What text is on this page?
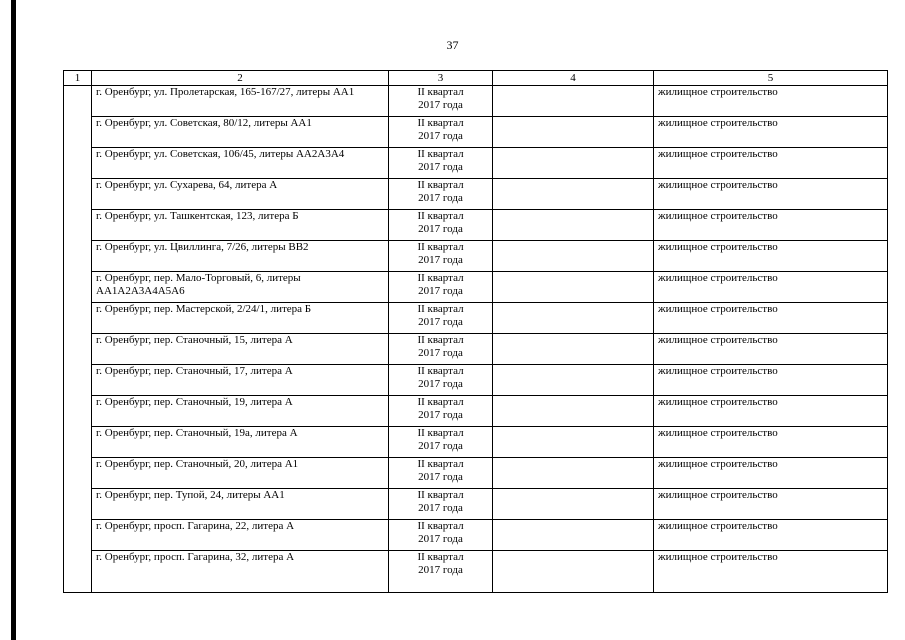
37
1	2	3	4	5
	г. Оренбург, ул. Пролетарская, 165-167/27, литеры АА1	II квартал
2017 года		жилищное строительство
	г. Оренбург, ул. Советская, 80/12, литеры АА1	II квартал
2017 года		жилищное строительство
	г. Оренбург, ул. Советская, 106/45, литеры АА2А3А4	II квартал
2017 года		жилищное строительство
	г. Оренбург, ул. Сухарева, 64, литера А	II квартал
2017 года		жилищное строительство
	г. Оренбург, ул. Ташкентская, 123, литера Б	II квартал
2017 года		жилищное строительство
	г. Оренбург, ул. Цвиллинга, 7/26, литеры ВВ2	II квартал
2017 года		жилищное строительство
	г. Оренбург, пер. Мало-Торговый, 6, литеры АА1А2А3А4А5А6	II квартал
2017 года		жилищное строительство
	г. Оренбург, пер. Мастерской, 2/24/1, литера Б	II квартал
2017 года		жилищное строительство
	г. Оренбург, пер. Станочный, 15, литера А	II квартал
2017 года		жилищное строительство
	г. Оренбург, пер. Станочный, 17, литера А	II квартал
2017 года		жилищное строительство
	г. Оренбург, пер. Станочный, 19, литера А	II квартал
2017 года		жилищное строительство
	г. Оренбург, пер. Станочный, 19а, литера А	II квартал
2017 года		жилищное строительство
	г. Оренбург, пер. Станочный, 20, литера А1	II квартал
2017 года		жилищное строительство
	г. Оренбург, пер. Тупой, 24, литеры АА1	II квартал
2017 года		жилищное строительство
	г. Оренбург, просп. Гагарина, 22, литера А	II квартал
2017 года		жилищное строительство
	г. Оренбург, просп. Гагарина, 32, литера А	II квартал
2017 года		жилищное строительство
